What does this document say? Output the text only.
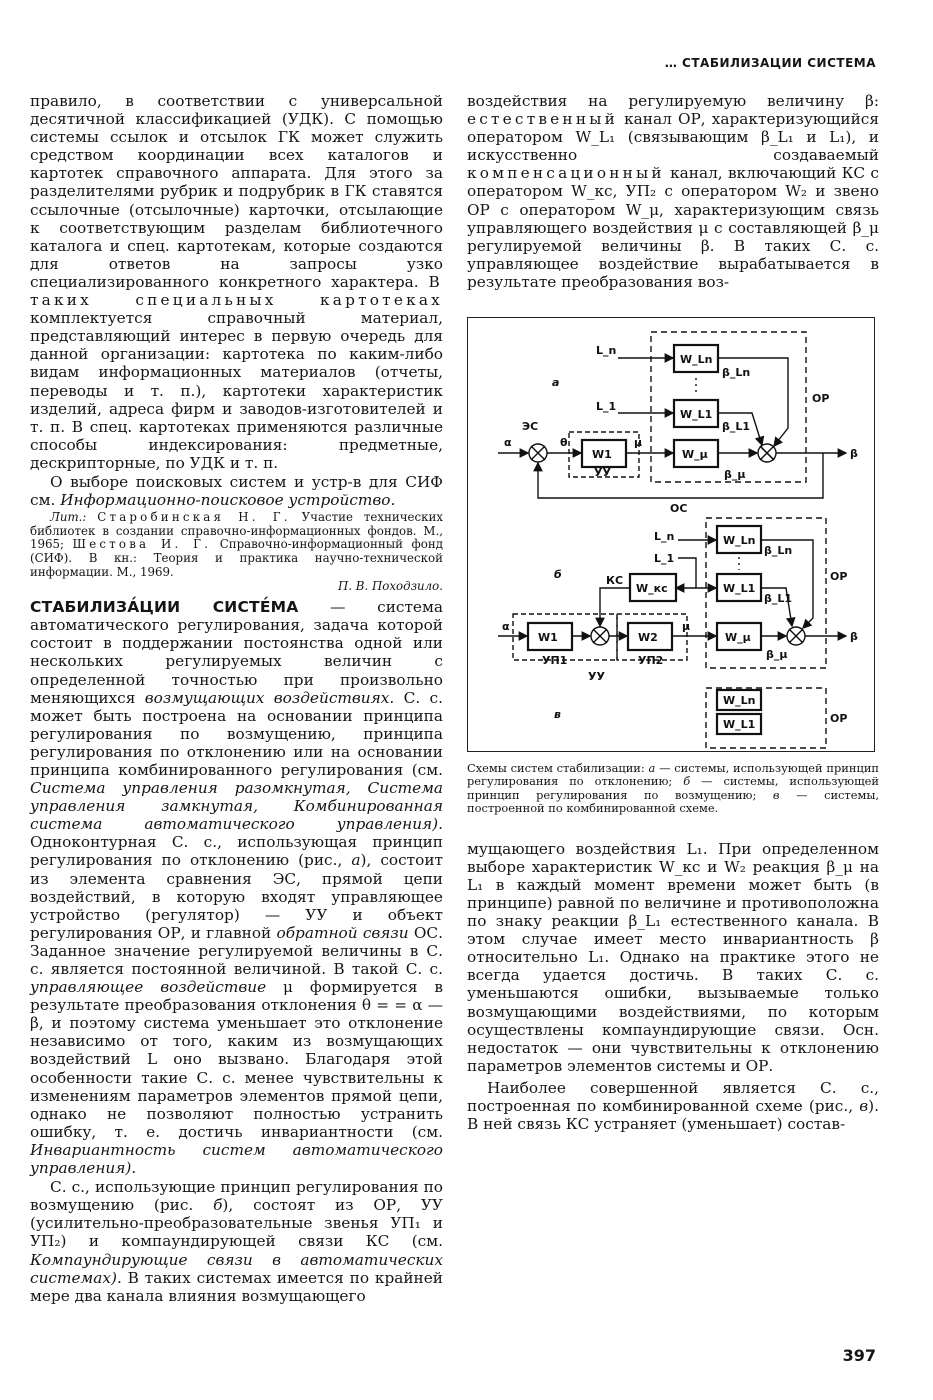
… СТАБИЛИЗАЦИИ СИСТЕМА

правило, в соответствии с универсальной десятичной классификацией (УДК). С помощью системы ссылок и отсылок ГК может служить средством координации всех каталогов и картотек справочного аппарата. Для этого за разделителями рубрик и подрубрик в ГК ставятся ссылочные (отсылочные) карточки, отсылающие к соответствующим разделам библиотечного каталога и спец. картотекам, которые создаются для ответов на запросы узко специализированного конкретного характера. В таких специальных картотеках комплектуется справочный материал, представляющий интерес в первую очередь для данной организации: картотека по каким-либо видам информационных материалов (отчеты, переводы и т. п.), картотеки характеристик изделий, адреса фирм и заводов-изготовителей и т. п. В спец. картотеках применяются различные способы индексирования: предметные, дескрипторные, по УДК и т. п.

О выборе поисковых систем и устр-в для СИФ см. Информационно-поисковое устройство.

Лит.: Старобинская Н. Г. Участие технических библиотек в создании справочно-информационных фондов. М., 1965; Шестова И. Г. Справочно-информационный фонд (СИФ). В кн.: Теория и практика научно-технической информации. М., 1969.

П. В. Походзило.

СТАБИЛИЗА́ЦИИ СИСТЕ́МА — система автоматического регулирования, задача которой состоит в поддержании постоянства одной или нескольких регулируемых величин с определенной точностью при произвольно меняющихся возмущающих воздействиях. С. с. может быть построена на основании принципа регулирования по возмущению, принципа регулирования по отклонению или на основании принципа комбинированного регулирования (см. Система управления разомкнутая, Система управления замкнутая, Комбинированная система автоматического управления). Одноконтурная С. с., использующая принцип регулирования по отклонению (рис., а), состоит из элемента сравнения ЭС, прямой цепи воздействий, в которую входят управляющее устройство (регулятор) — УУ и объект регулирования ОР, и главной обратной связи ОС. Заданное значение регулируемой величины в С. с. является постоянной величиной. В такой С. с. управляющее воздействие μ формируется в результате преобразования отклонения θ = = α — β, и поэтому система уменьшает это отклонение независимо от того, каким из возмущающих воздействий L оно вызвано. Благодаря этой особенности такие С. с. менее чувствительны к изменениям параметров элементов прямой цепи, однако не позволяют полностью устранить ошибку, т. е. достичь инвариантности (см. Инвариантность систем автоматического управления).

С. с., использующие принцип регулирования по возмущению (рис. б), состоят из ОР, УУ (усилительно-преобразовательные звенья УП₁ и УП₂) и компаундирующей связи КС (см. Компаундирующие связи в автоматических системах). В таких системах имеется по крайней мере два канала влияния возмущающего

воздействия на регулируемую величину β: естественный канал ОР, характеризующийся оператором W_L₁ (связывающим β_L₁ и L₁), и искусственно создаваемый компенсационный канал, включающий КС с оператором W_кс, УП₂ с оператором W₂ и звено ОР с оператором W_μ, характеризующим связь управляющего воздействия μ с составляющей β_μ регулируемой величины β. В таких С. с. управляющее воздействие вырабатывается в результате преобразования воз-

а
б
в
W_Ln
W_L1
W_μ
W1
L_n
L_1
α	θ	μ
β
β_Ln
β_L1
β_μ
ЭС
УУ
ОР
ОС
W_Ln
W_L1
W_μ
W_кс
W1	W2
L_n
L_1
КС
α	μ
β
β_Ln
β_L1
β_μ
ОР
УП1	УП2
УУ
W_Ln
W_L1	ОР

Схемы систем стабилизации: а — системы, использующей принцип регулирования по отклонению; б — системы, использующей принцип регулирования по возмущению; в — системы, построенной по комбинированной схеме.

мущающего воздействия L₁. При определенном выборе характеристик W_кс и W₂ реакция β_μ на L₁ в каждый момент времени может быть (в принципе) равной по величине и противоположна по знаку реакции β_L₁ естественного канала. В этом случае имеет место инвариантность β относительно L₁. Однако на практике этого не всегда удается достичь. В таких С. с. уменьшаются ошибки, вызываемые только возмущающими воздействиями, по которым осуществлены компаундирующие связи. Осн. недостаток — они чувствительны к отклонению параметров элементов системы и ОР.

Наиболее совершенной является С. с., построенная по комбинированной схеме (рис., в). В ней связь КС устраняет (уменьшает) состав-

397
